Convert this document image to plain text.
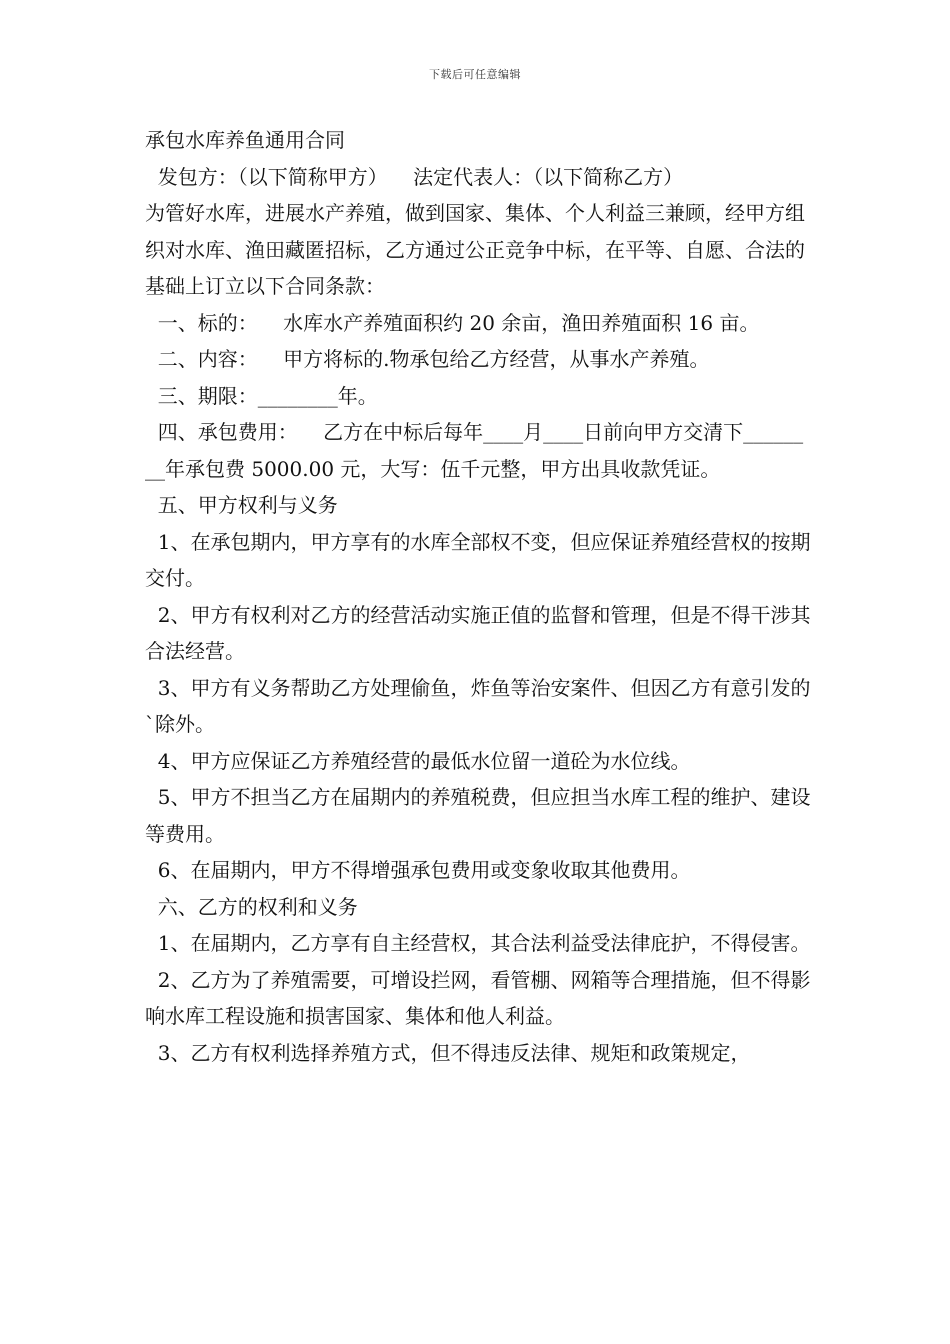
下载后可任意编辑

承包水库养鱼通用合同

发包方：（以下简称甲方）    法定代表人：（以下简称乙方）

为管好水库，进展水产养殖，做到国家、集体、个人利益三兼顾，经甲方组织对水库、渔田藏匿招标，乙方通过公正竞争中标，在平等、自愿、合法的基础上订立以下合同条款：

一、标的：    水库水产养殖面积约 20 余亩，渔田养殖面积 16 亩。

二、内容：    甲方将标的.物承包给乙方经营，从事水产养殖。

三、期限：________年。

四、承包费用：    乙方在中标后每年____月____日前向甲方交清下________年承包费 5000.00 元，大写：伍千元整，甲方出具收款凭证。

五、甲方权利与义务

1、在承包期内，甲方享有的水库全部权不变，但应保证养殖经营权的按期交付。

2、甲方有权利对乙方的经营活动实施正值的监督和管理，但是不得干涉其合法经营。

3、甲方有义务帮助乙方处理偷鱼，炸鱼等治安案件、但因乙方有意引发的`除外。

4、甲方应保证乙方养殖经营的最低水位留一道砼为水位线。

5、甲方不担当乙方在届期内的养殖税费，但应担当水库工程的维护、建设等费用。

6、在届期内，甲方不得增强承包费用或变象收取其他费用。

六、乙方的权利和义务

1、在届期内，乙方享有自主经营权，其合法利益受法律庇护，不得侵害。

2、乙方为了养殖需要，可增设拦网，看管棚、网箱等合理措施，但不得影响水库工程设施和损害国家、集体和他人利益。

3、乙方有权利选择养殖方式，但不得违反法律、规矩和政策规定，
